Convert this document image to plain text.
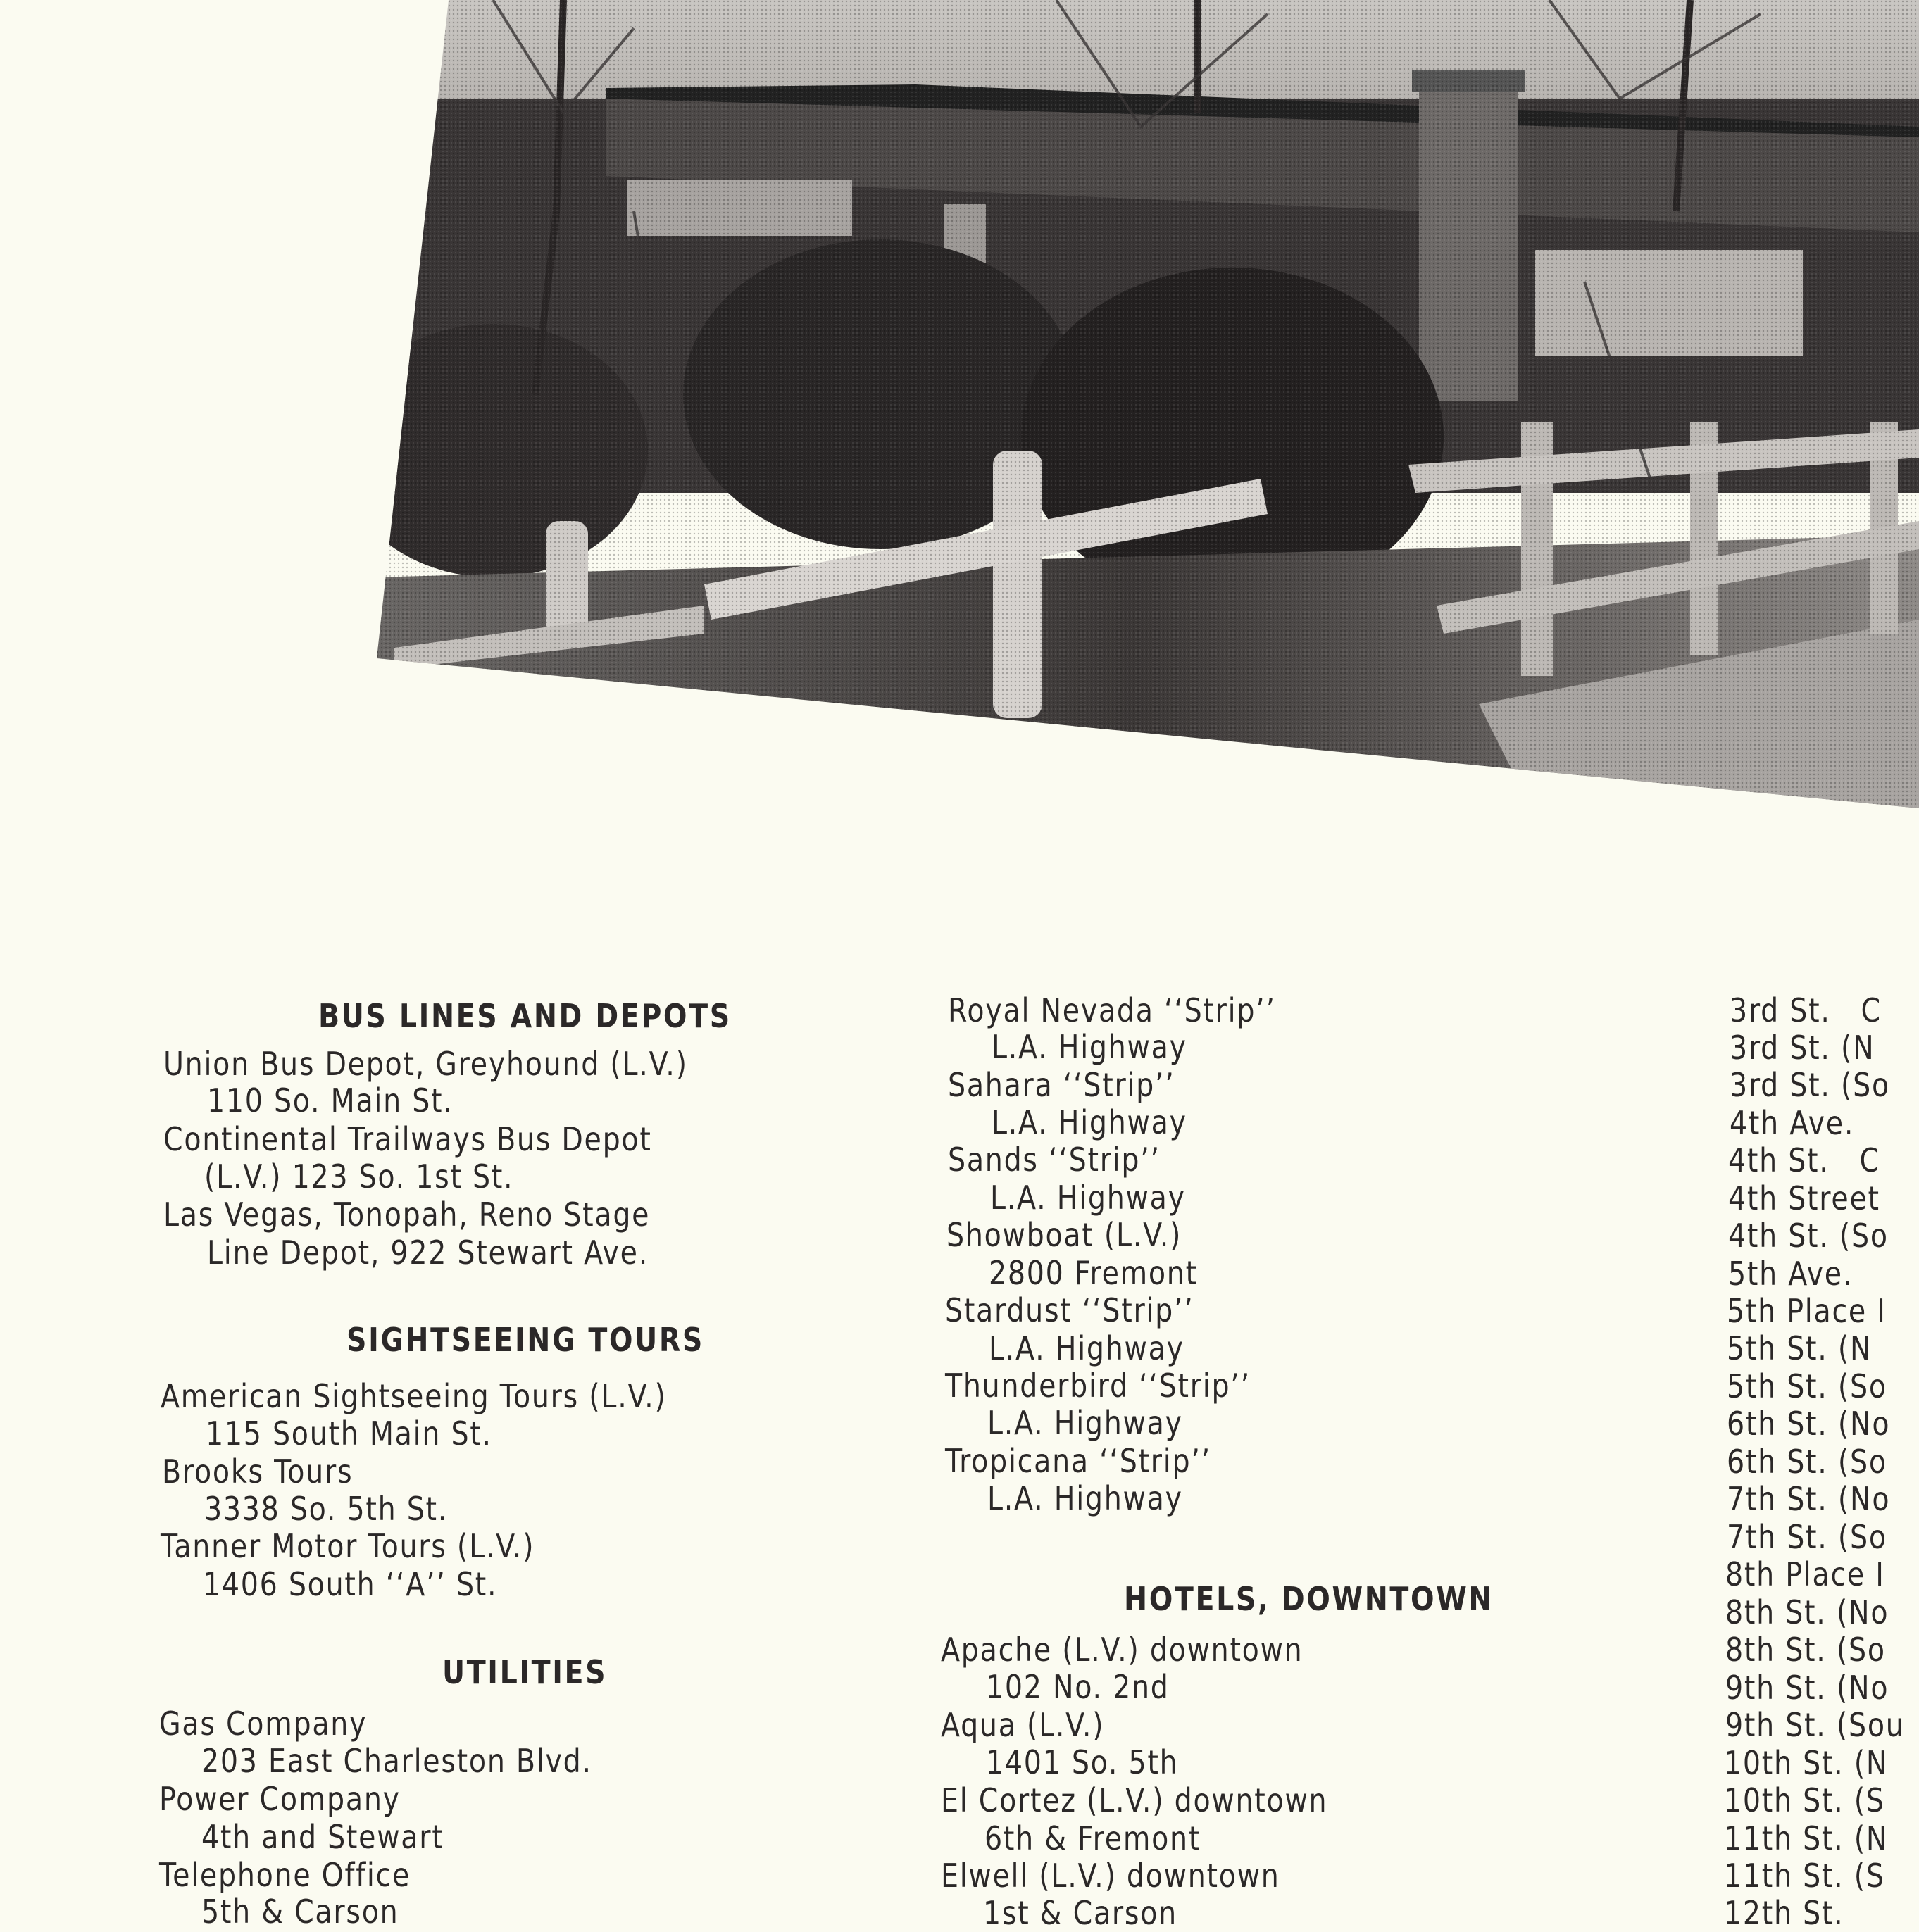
BUS LINES AND DEPOTS
Union Bus Depot, Greyhound (L.V.)
110 So. Main St.
Continental Trailways Bus Depot
(L.V.) 123 So. 1st St.
Las Vegas, Tonopah, Reno Stage
Line Depot, 922 Stewart Ave.
SIGHTSEEING TOURS
American Sightseeing Tours (L.V.)
115 South Main St.
Brooks Tours
3338 So. 5th St.
Tanner Motor Tours (L.V.)
1406 South ‘‘A’’ St.
UTILITIES
Gas Company
203 East Charleston Blvd.
Power Company
4th and Stewart
Telephone Office
5th & Carson
Royal Nevada ‘‘Strip’’
L.A. Highway
Sahara ‘‘Strip’’
L.A. Highway
Sands ‘‘Strip’’
L.A. Highway
Showboat (L.V.)
2800 Fremont
Stardust ‘‘Strip’’
L.A. Highway
Thunderbird ‘‘Strip’’
L.A. Highway
Tropicana ‘‘Strip’’
L.A. Highway
HOTELS, DOWNTOWN
Apache (L.V.) downtown
102 No. 2nd
Aqua (L.V.)
1401 So. 5th
El Cortez (L.V.) downtown
6th & Fremont
Elwell (L.V.) downtown
1st & Carson
3rd St.   C
3rd St. (N
3rd St. (So
4th Ave.
4th St.   C
4th Street
4th St. (So
5th Ave.
5th Place I
5th St. (N
5th St. (So
6th St. (No
6th St. (So
7th St. (No
7th St. (So
8th Place I
8th St. (No
8th St. (So
9th St. (No
9th St. (Sou
10th St. (N
10th St. (S
11th St. (N
11th St. (S
12th St.
